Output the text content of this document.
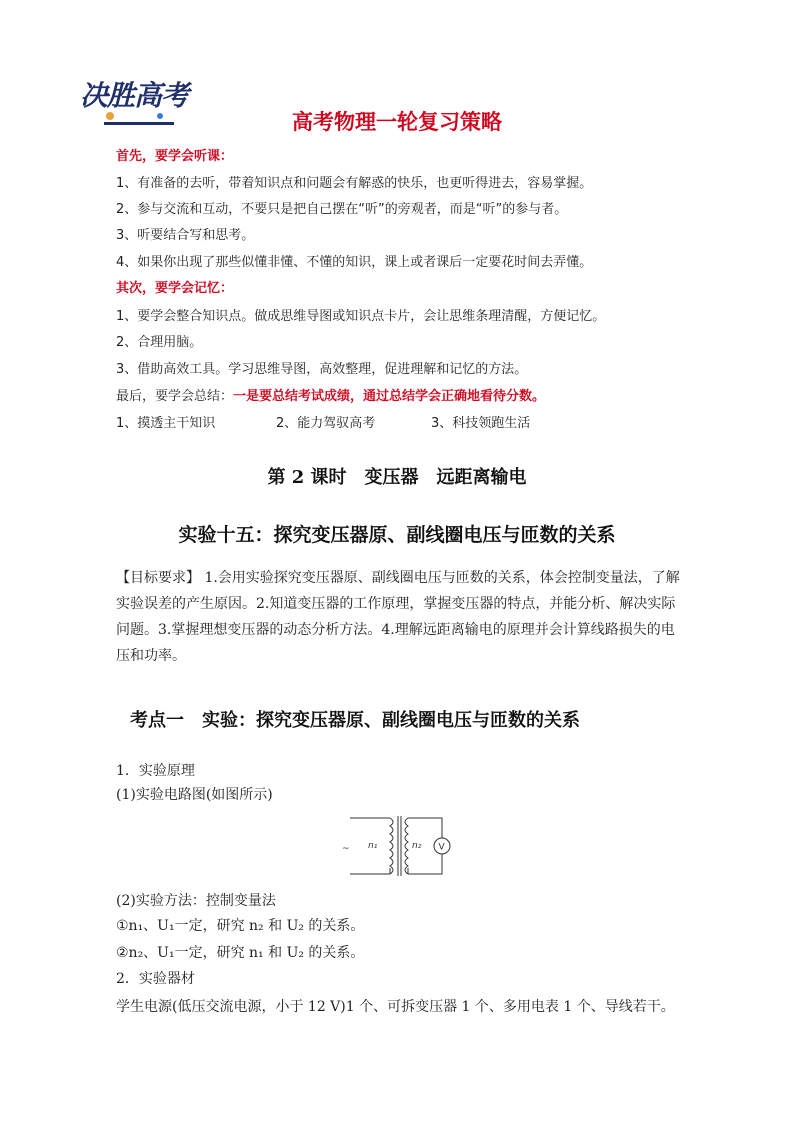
决胜高考
高考物理一轮复习策略
首先，要学会听课：
1、有准备的去听，带着知识点和问题会有解惑的快乐，也更听得进去，容易掌握。
2、参与交流和互动，不要只是把自己摆在“听”的旁观者，而是“听”的参与者。
3、听要结合写和思考。
4、如果你出现了那些似懂非懂、不懂的知识，课上或者课后一定要花时间去弄懂。
其次，要学会记忆：
1、要学会整合知识点。做成思维导图或知识点卡片，会让思维条理清醒，方便记忆。
2、合理用脑。
3、借助高效工具。学习思维导图，高效整理，促进理解和记忆的方法。
最后，要学会总结：一是要总结考试成绩，通过总结学会正确地看待分数。
1、摸透主干知识	2、能力驾驭高考	3、科技领跑生活
第 2 课时　变压器　远距离输电
实验十五：探究变压器原、副线圈电压与匝数的关系
【目标要求】 1.会用实验探究变压器原、副线圈电压与匝数的关系，体会控制变量法，了解实验误差的产生原因。2.知道变压器的工作原理，掌握变压器的特点，并能分析、解决实际问题。3.掌握理想变压器的动态分析方法。4.理解远距离输电的原理并会计算线路损失的电压和功率。
考点一　实验：探究变压器原、副线圈电压与匝数的关系
1．实验原理
(1)实验电路图(如图所示)
~ n₁	n₂ V
(2)实验方法：控制变量法
①n₁、U₁一定，研究 n₂ 和 U₂ 的关系。
②n₂、U₁一定，研究 n₁ 和 U₂ 的关系。
2．实验器材
学生电源(低压交流电源，小于 12 V)1 个、可拆变压器 1 个、多用电表 1 个、导线若干。
